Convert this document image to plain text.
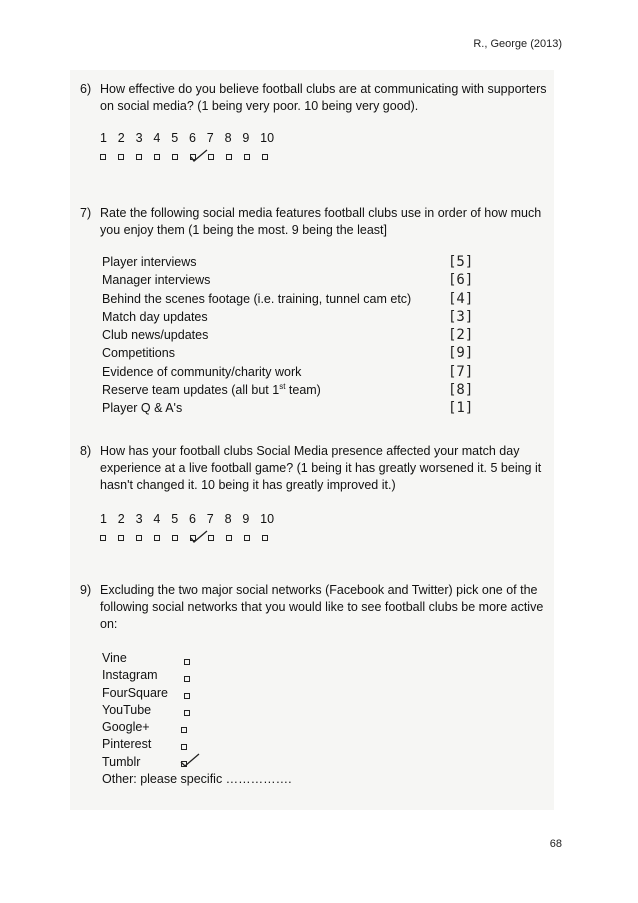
R., George (2013)
6) How effective do you believe football clubs are at communicating with supporters on social media? (1 being very poor. 10 being very good).
1 2 3 4 5 6 7 8 9 10
7) Rate the following social media features football clubs use in order of how much you enjoy them (1 being the most. 9 being the least]
Player interviews
Manager interviews
Behind the scenes footage (i.e. training, tunnel cam etc)
Match day updates
Club news/updates
Competitions
Evidence of community/charity work
Reserve team updates (all but 1st team)
Player Q & A's
[5]
[6]
[4]
[3]
[2]
[9]
[7]
[8]
[1]
8) How has your football clubs Social Media presence affected your match day experience at a live football game? (1 being it has greatly worsened it. 5 being it hasn't changed it. 10 being it has greatly improved it.)
1 2 3 4 5 6 7 8 9 10
9) Excluding the two major social networks (Facebook and Twitter) pick one of the following social networks that you would like to see football clubs be more active on:
Vine
Instagram
FourSquare
YouTube
Google+
Pinterest
Tumblr
Other: please specific …………….
68
